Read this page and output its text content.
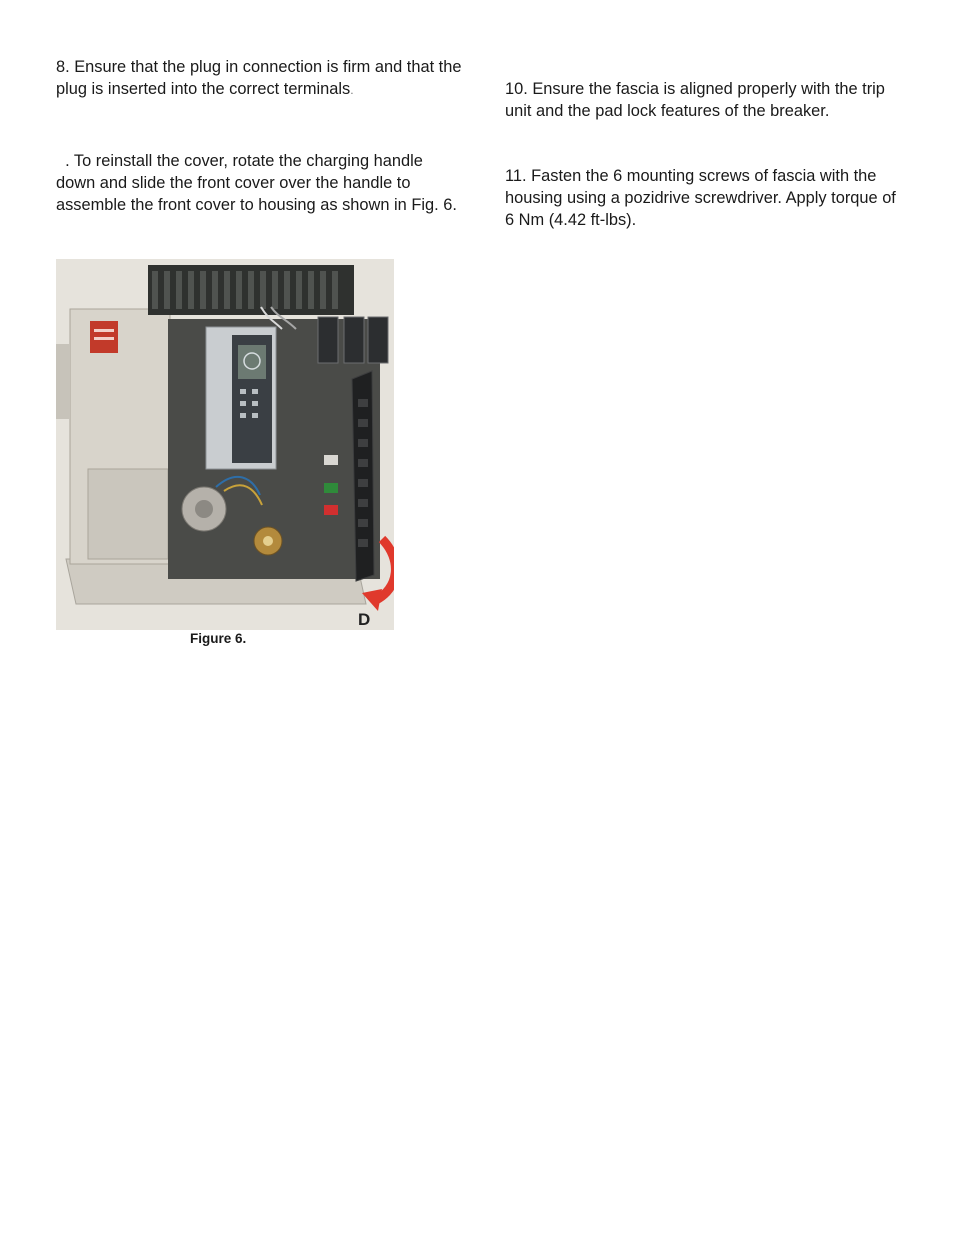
8. Ensure that the plug in connection is firm and that the plug is inserted into the correct terminals.

. To reinstall the cover, rotate the charging handle down and slide the front cover over the handle to assemble the front cover to housing as shown in Fig. 6.

10. Ensure the fascia is aligned properly with the trip unit and the pad lock features of the breaker.

11. Fasten the 6 mounting screws of fascia with the housing using a pozidrive screwdriver. Apply torque of 6 Nm (4.42 ft-lbs).

D
Figure 6.
